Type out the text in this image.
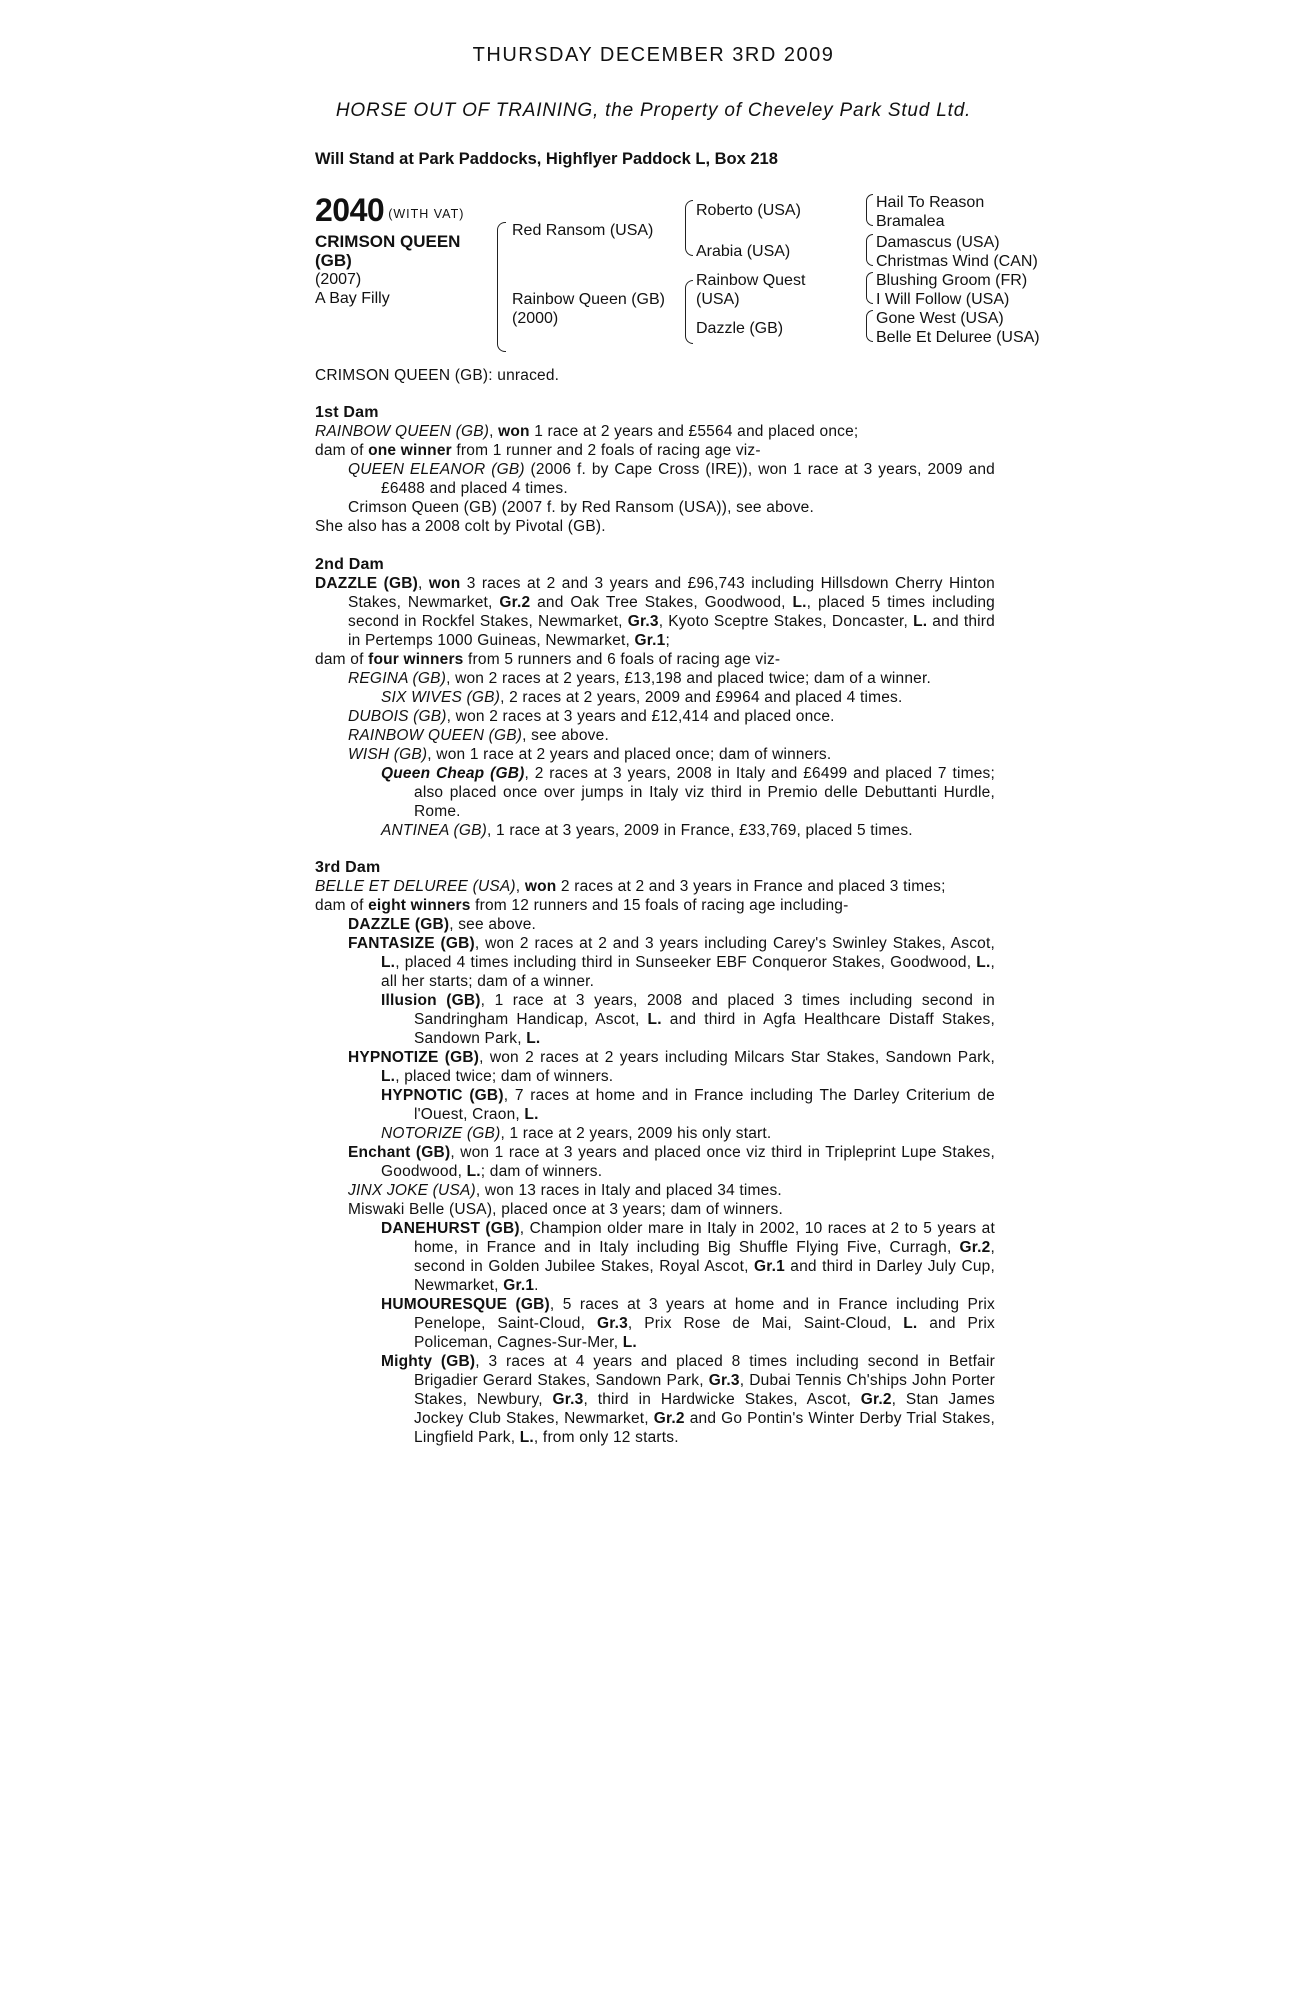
THURSDAY DECEMBER 3RD 2009
HORSE OUT OF TRAINING, the Property of Cheveley Park Stud Ltd.
Will Stand at Park Paddocks, Highflyer Paddock L, Box 218
2040 (WITH VAT)
CRIMSON QUEEN
(GB)
(2007)
A Bay Filly
Red Ransom (USA)
Rainbow Queen (GB)
(2000)
Roberto (USA)
Arabia (USA)
Rainbow Quest
(USA)
Dazzle (GB)
Hail To Reason
Bramalea
Damascus (USA)
Christmas Wind (CAN)
Blushing Groom (FR)
I Will Follow (USA)
Gone West (USA)
Belle Et Deluree (USA)

CRIMSON QUEEN (GB): unraced.

1st Dam

RAINBOW QUEEN (GB), won 1 race at 2 years and £5564 and placed once;

dam of one winner from 1 runner and 2 foals of racing age viz-

QUEEN ELEANOR (GB) (2006 f. by Cape Cross (IRE)), won 1 race at 3 years, 2009 and £6488 and placed 4 times.

Crimson Queen (GB) (2007 f. by Red Ransom (USA)), see above.

She also has a 2008 colt by Pivotal (GB).

2nd Dam

DAZZLE (GB), won 3 races at 2 and 3 years and £96,743 including Hillsdown Cherry Hinton Stakes, Newmarket, Gr.2 and Oak Tree Stakes, Goodwood, L., placed 5 times including second in Rockfel Stakes, Newmarket, Gr.3, Kyoto Sceptre Stakes, Doncaster, L. and third in Pertemps 1000 Guineas, Newmarket, Gr.1;

dam of four winners from 5 runners and 6 foals of racing age viz-

REGINA (GB), won 2 races at 2 years, £13,198 and placed twice; dam of a winner.

SIX WIVES (GB), 2 races at 2 years, 2009 and £9964 and placed 4 times.

DUBOIS (GB), won 2 races at 3 years and £12,414 and placed once.

RAINBOW QUEEN (GB), see above.

WISH (GB), won 1 race at 2 years and placed once; dam of winners.

Queen Cheap (GB), 2 races at 3 years, 2008 in Italy and £6499 and placed 7 times; also placed once over jumps in Italy viz third in Premio delle Debuttanti Hurdle, Rome.

ANTINEA (GB), 1 race at 3 years, 2009 in France, £33,769, placed 5 times.

3rd Dam

BELLE ET DELUREE (USA), won 2 races at 2 and 3 years in France and placed 3 times;

dam of eight winners from 12 runners and 15 foals of racing age including-

DAZZLE (GB), see above.

FANTASIZE (GB), won 2 races at 2 and 3 years including Carey's Swinley Stakes, Ascot, L., placed 4 times including third in Sunseeker EBF Conqueror Stakes, Goodwood, L., all her starts; dam of a winner.

Illusion (GB), 1 race at 3 years, 2008 and placed 3 times including second in Sandringham Handicap, Ascot, L. and third in Agfa Healthcare Distaff Stakes, Sandown Park, L.

HYPNOTIZE (GB), won 2 races at 2 years including Milcars Star Stakes, Sandown Park, L., placed twice; dam of winners.

HYPNOTIC (GB), 7 races at home and in France including The Darley Criterium de l'Ouest, Craon, L.

NOTORIZE (GB), 1 race at 2 years, 2009 his only start.

Enchant (GB), won 1 race at 3 years and placed once viz third in Tripleprint Lupe Stakes, Goodwood, L.; dam of winners.

JINX JOKE (USA), won 13 races in Italy and placed 34 times.

Miswaki Belle (USA), placed once at 3 years; dam of winners.

DANEHURST (GB), Champion older mare in Italy in 2002, 10 races at 2 to 5 years at home, in France and in Italy including Big Shuffle Flying Five, Curragh, Gr.2, second in Golden Jubilee Stakes, Royal Ascot, Gr.1 and third in Darley July Cup, Newmarket, Gr.1.

HUMOURESQUE (GB), 5 races at 3 years at home and in France including Prix Penelope, Saint-Cloud, Gr.3, Prix Rose de Mai, Saint-Cloud, L. and Prix Policeman, Cagnes-Sur-Mer, L.

Mighty (GB), 3 races at 4 years and placed 8 times including second in Betfair Brigadier Gerard Stakes, Sandown Park, Gr.3, Dubai Tennis Ch'ships John Porter Stakes, Newbury, Gr.3, third in Hardwicke Stakes, Ascot, Gr.2, Stan James Jockey Club Stakes, Newmarket, Gr.2 and Go Pontin's Winter Derby Trial Stakes, Lingfield Park, L., from only 12 starts.
